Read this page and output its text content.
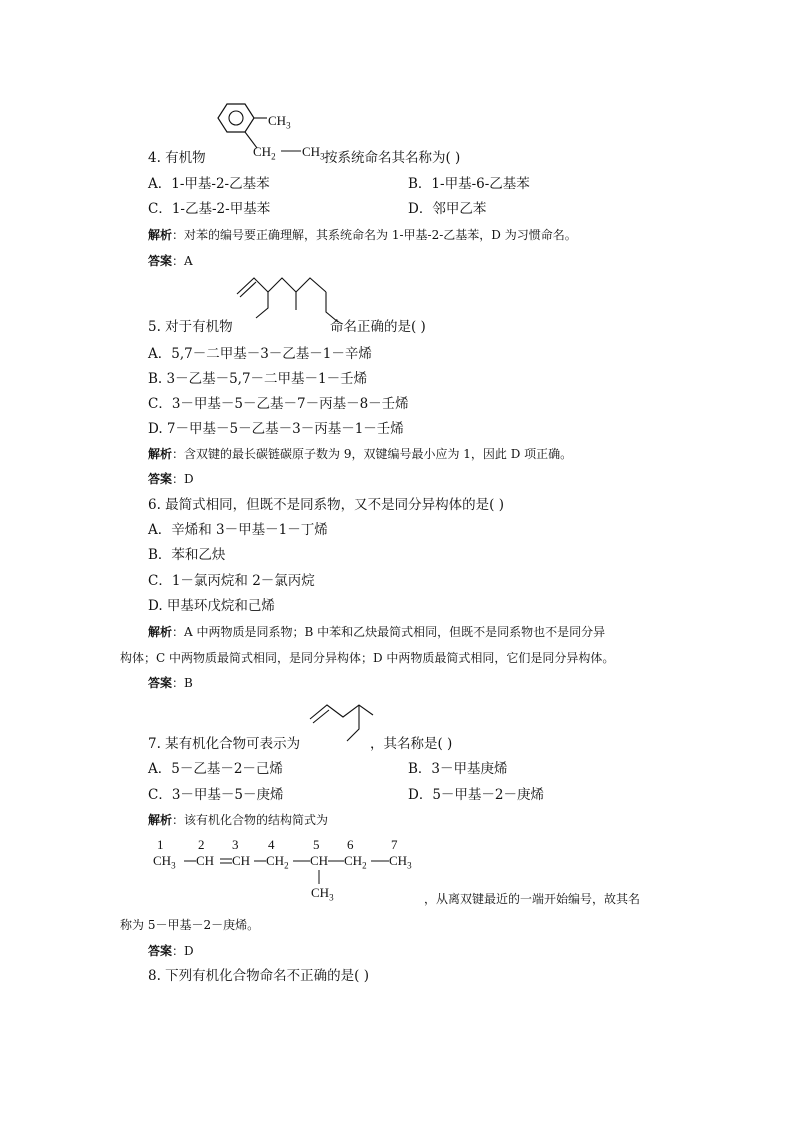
$CH_3$
$CH_2$ $CH_3$
4. 有机物	按系统命名其名称为( )
A．1-甲基-2-乙基苯	B．1-甲基-6-乙基苯
C．1-乙基-2-甲基苯	D．邻甲乙苯
解析：对苯的编号要正确理解，其系统命名为 1-甲基-2-乙基苯，D 为习惯命名。
答案：A
5. 对于有机物	命名正确的是( )
A．5,7－二甲基－3－乙基－1－辛烯
B. 3－乙基－5,7－二甲基－1－壬烯
C．3－甲基－5－乙基－7－丙基－8－壬烯
D. 7－甲基－5－乙基－3－丙基－1－壬烯
解析：含双键的最长碳链碳原子数为 9，双键编号最小应为 1，因此 D 项正确。
答案：D
6. 最简式相同，但既不是同系物，又不是同分异构体的是( )
A．辛烯和 3－甲基－1－丁烯
B．苯和乙炔
C．1－氯丙烷和 2－氯丙烷
D. 甲基环戊烷和己烯
解析：A 中两物质是同系物；B 中苯和乙炔最简式相同，但既不是同系物也不是同分异
构体；C 中两物质最简式相同，是同分异构体；D 中两物质最简式相同，它们是同分异构体。
答案：B
7. 某有机化合物可表示为	，其名称是( )
A．5－乙基－2－己烯	B．3－甲基庚烯
C．3－甲基－5－庚烯	D．5－甲基－2－庚烯
解析：该有机化合物的结构简式为
1	2 3 4	5 6	7
$CH_3$ CH CH $CH_2$ CH $CH_2$ $CH_3$
$CH_3$	，从离双键最近的一端开始编号，故其名
称为 5－甲基－2－庚烯。
答案：D
8. 下列有机化合物命名不正确的是( )
